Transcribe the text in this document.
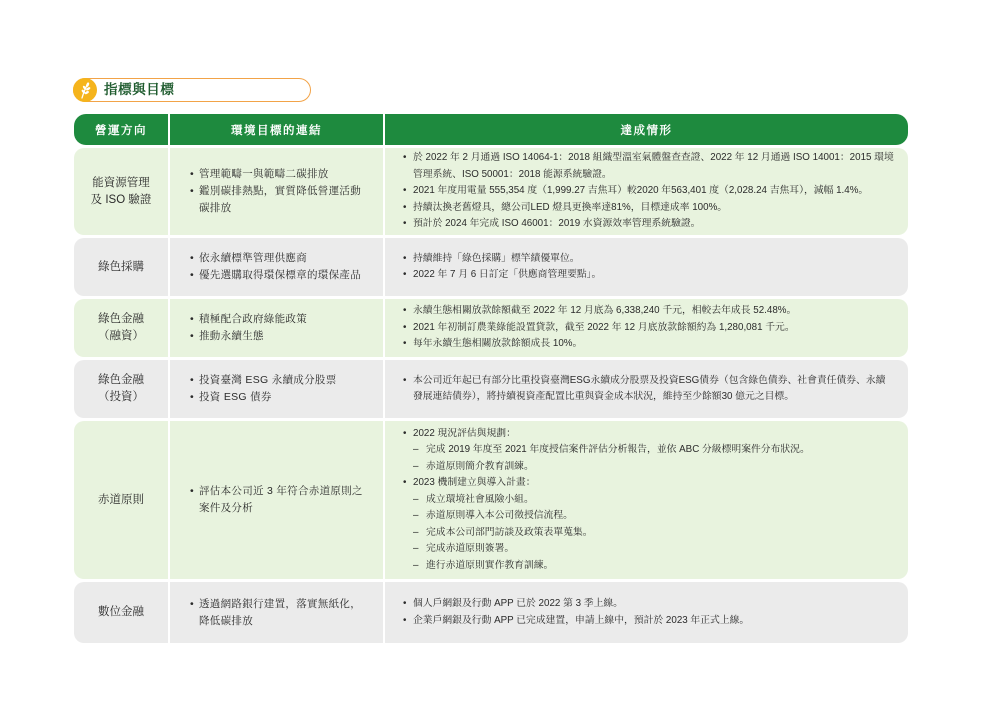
指標與目標
營運方向	環境目標的連結	達成情形
能資源管理
及 ISO 驗證
• 管理範疇一與範疇二碳排放
• 鑑別碳排熱點，實質降低營運活動碳排放
• 於 2022 年 2 月通過 ISO 14064-1：2018 組織型溫室氣體盤查查證、2022 年 12 月通過 ISO 14001：2015 環境管理系統、ISO 50001：2018 能源系統驗證。
• 2021 年度用電量 555,354 度（1,999.27 吉焦耳）較2020 年563,401 度（2,028.24 吉焦耳），減幅 1.4%。
• 持續汰換老舊燈具，總公司LED 燈具更換率達81%，目標達成率 100%。
• 預計於 2024 年完成 ISO 46001：2019 水資源效率管理系統驗證。
綠色採購
• 依永續標準管理供應商
• 優先選購取得環保標章的環保產品
• 持續維持「綠色採購」標竿績優單位。
• 2022 年 7 月 6 日訂定「供應商管理要點」。
綠色金融
（融資）
• 積極配合政府綠能政策
• 推動永續生態
• 永續生態相關放款餘額截至 2022 年 12 月底為 6,338,240 千元，相較去年成長 52.48%。
• 2021 年初制訂農業綠能設置貸款，截至 2022 年 12 月底放款餘額約為 1,280,081 千元。
• 每年永續生態相關放款餘額成長 10%。
綠色金融
（投資）
• 投資臺灣 ESG 永續成分股票
• 投資 ESG 債券
• 本公司近年起已有部分比重投資臺灣ESG永續成分股票及投資ESG債券（包含綠色債券、社會責任債券、永續發展連結債券），將持續視資產配置比重與資金成本狀況，維持至少餘額30 億元之目標。
赤道原則
• 評估本公司近 3 年符合赤道原則之案件及分析
• 2022 現況評估與規劃：
– 完成 2019 年度至 2021 年度授信案件評估分析報告，並依 ABC 分級標明案件分布狀況。
– 赤道原則簡介教育訓練。
• 2023 機制建立與導入計畫：
– 成立環境社會風險小組。
– 赤道原則導入本公司徵授信流程。
– 完成本公司部門訪談及政策表單蒐集。
– 完成赤道原則簽署。
– 進行赤道原則實作教育訓練。
數位金融
• 透過網路銀行建置，落實無紙化，降低碳排放
• 個人戶網銀及行動 APP 已於 2022 第 3 季上線。
• 企業戶網銀及行動 APP 已完成建置，申請上線中，預計於 2023 年正式上線。
